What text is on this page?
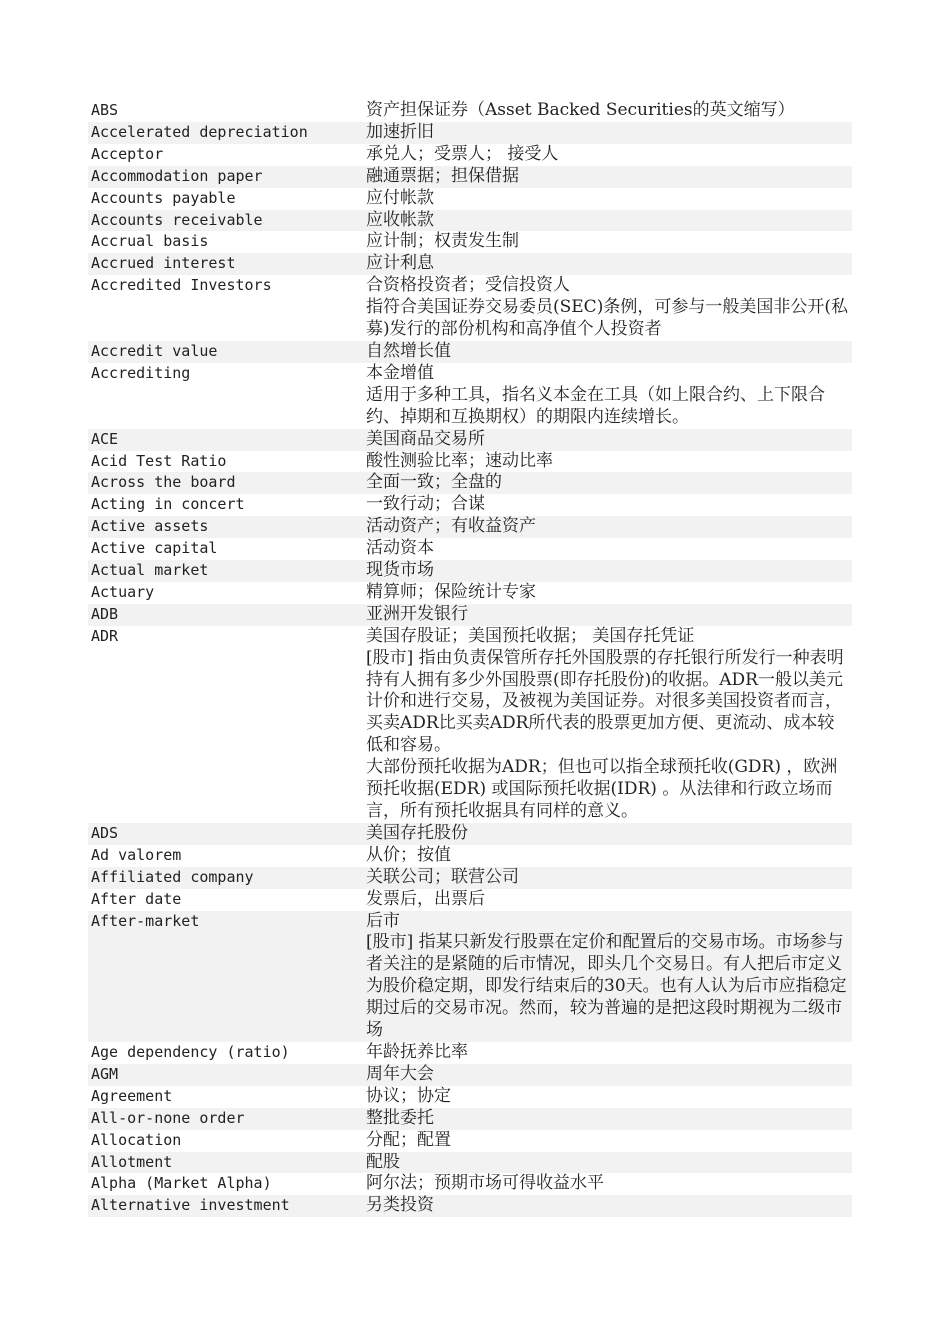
ABS	资产担保证券（Asset Backed Securities的英文缩写）
Accelerated depreciation	加速折旧
Acceptor	承兑人；受票人； 接受人
Accommodation paper	融通票据；担保借据
Accounts payable	应付帐款
Accounts receivable	应收帐款
Accrual basis	应计制；权责发生制
Accrued interest	应计利息
Accredited Investors	合资格投资者；受信投资人
指符合美国证券交易委员(SEC)条例，可参与一般美国非公开(私募)发行的部份机构和高净值个人投资者
Accredit value	自然增长值
Accrediting	本金增值
适用于多种工具，指名义本金在工具（如上限合约、上下限合约、掉期和互换期权）的期限内连续增长。
ACE	美国商品交易所
Acid Test Ratio	酸性测验比率；速动比率
Across the board	全面一致；全盘的
Acting in concert	一致行动；合谋
Active assets	活动资产；有收益资产
Active capital	活动资本
Actual market	现货市场
Actuary	精算师；保险统计专家
ADB	亚洲开发银行
ADR	美国存股证；美国预托收据； 美国存托凭证
[股市] 指由负责保管所存托外国股票的存托银行所发行一种表明持有人拥有多少外国股票(即存托股份)的收据。ADR一般以美元计价和进行交易，及被视为美国证券。对很多美国投资者而言，买卖ADR比买卖ADR所代表的股票更加方便、更流动、成本较低和容易。
大部份预托收据为ADR；但也可以指全球预托收(GDR) ，欧洲预托收据(EDR) 或国际预托收据(IDR) 。从法律和行政立场而言，所有预托收据具有同样的意义。
ADS	美国存托股份
Ad valorem	从价；按值
Affiliated company	关联公司；联营公司
After date	发票后，出票后
After-market	后市
[股市] 指某只新发行股票在定价和配置后的交易市场。市场参与者关注的是紧随的后市情况，即头几个交易日。有人把后市定义为股价稳定期，即发行结束后的30天。也有人认为后市应指稳定期过后的交易市况。然而，较为普遍的是把这段时期视为二级市场
Age dependency (ratio)	年龄抚养比率
AGM	周年大会
Agreement	协议；协定
All-or-none order	整批委托
Allocation	分配；配置
Allotment	配股
Alpha (Market Alpha)	阿尔法；预期市场可得收益水平
Alternative investment	另类投资
